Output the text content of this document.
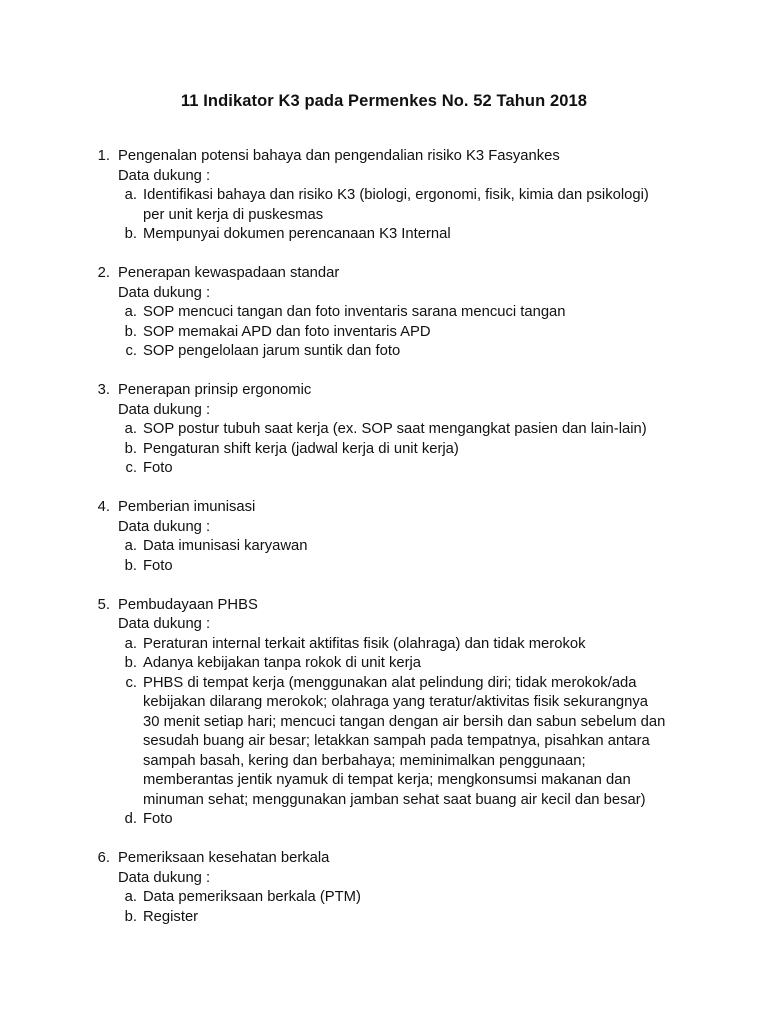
11 Indikator K3 pada Permenkes No. 52 Tahun 2018
1. Pengenalan potensi bahaya dan pengendalian risiko K3 Fasyankes
Data dukung :
a. Identifikasi bahaya dan risiko K3 (biologi, ergonomi, fisik, kimia dan psikologi)
per unit kerja di puskesmas
b. Mempunyai dokumen perencanaan K3 Internal
2. Penerapan kewaspadaan standar
Data dukung :
a. SOP mencuci tangan dan foto inventaris sarana mencuci tangan
b. SOP memakai APD dan foto inventaris APD
c. SOP pengelolaan jarum suntik dan foto
3. Penerapan prinsip ergonomic
Data dukung :
a. SOP postur tubuh saat kerja (ex. SOP saat mengangkat pasien dan lain-lain)
b. Pengaturan shift kerja (jadwal kerja di unit kerja)
c. Foto
4. Pemberian imunisasi
Data dukung :
a. Data imunisasi karyawan
b. Foto
5. Pembudayaan PHBS
Data dukung :
a. Peraturan internal terkait aktifitas fisik (olahraga) dan tidak merokok
b. Adanya kebijakan tanpa rokok di unit kerja
c. PHBS di tempat kerja (menggunakan alat pelindung diri; tidak merokok/ada
kebijakan dilarang merokok; olahraga yang teratur/aktivitas fisik sekurangnya
30 menit setiap hari; mencuci tangan dengan air bersih dan sabun sebelum dan
sesudah buang air besar; letakkan sampah pada tempatnya, pisahkan antara
sampah basah, kering dan berbahaya; meminimalkan penggunaan;
memberantas jentik nyamuk di tempat kerja; mengkonsumsi makanan dan
minuman sehat; menggunakan jamban sehat saat buang air kecil dan besar)
d. Foto
6. Pemeriksaan kesehatan berkala
Data dukung :
a. Data pemeriksaan berkala (PTM)
b. Register
